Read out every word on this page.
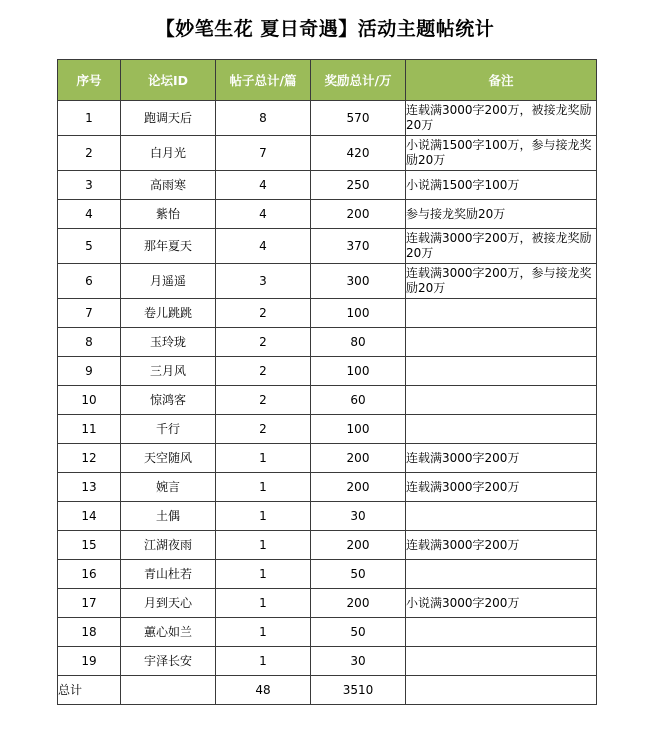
【妙笔生花 夏日奇遇】活动主题帖统计
序号	论坛ID	帖子总计/篇	奖励总计/万	备注
1	跑调天后	8	570	连载满3000字200万，被接龙奖励20万
2	白月光	7	420	小说满1500字100万，参与接龙奖励20万
3	高雨寒	4	250	小说满1500字100万
4	紫怡	4	200	参与接龙奖励20万
5	那年夏天	4	370	连载满3000字200万，被接龙奖励20万
6	月遥遥	3	300	连载满3000字200万，参与接龙奖励20万
7	卷儿跳跳	2	100	
8	玉玲珑	2	80	
9	三月风	2	100	
10	惊鸿客	2	60	
11	千行	2	100	
12	天空随风	1	200	连载满3000字200万
13	婉言	1	200	连载满3000字200万
14	土偶	1	30	
15	江湖夜雨	1	200	连载满3000字200万
16	青山杜若	1	50	
17	月到天心	1	200	小说满3000字200万
18	蕙心如兰	1	50	
19	宇泽长安	1	30	
总计		48	3510	
